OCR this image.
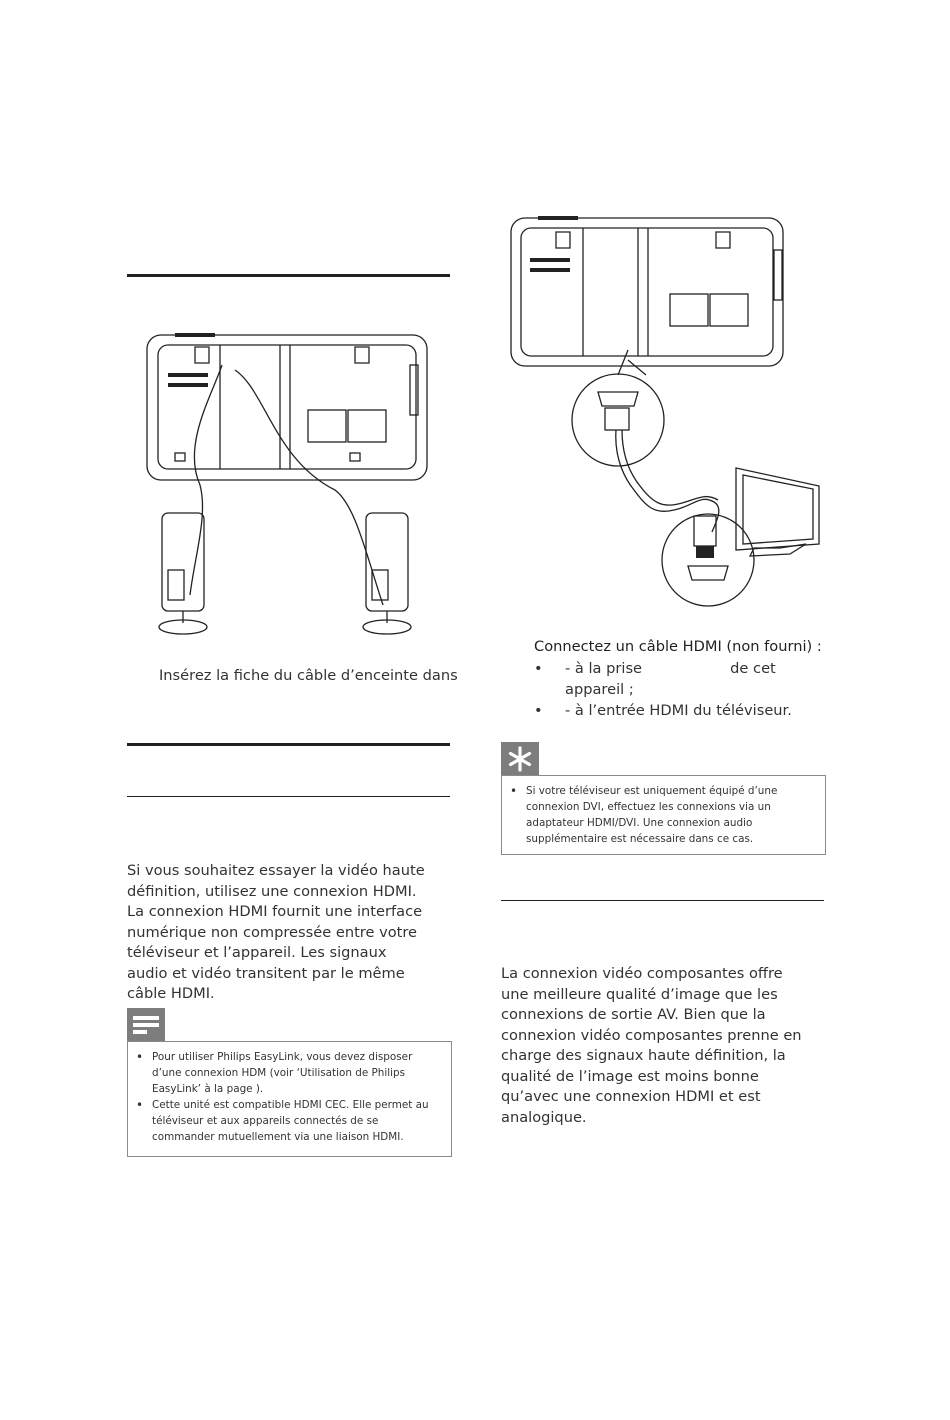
Insérez la fiche du câble d’enceinte dans
Si vous souhaitez essayer la vidéo haute définition, utilisez une connexion HDMI. La connexion HDMI fournit une interface numérique non compressée entre votre téléviseur et l’appareil. Les signaux audio et vidéo transitent par le même câble HDMI.
• Pour utiliser Philips EasyLink, vous devez disposer d’une connexion HDM (voir ‘Utilisation de Philips EasyLink’ à la page ).
• Cette unité est compatible HDMI CEC. Elle permet au téléviseur et aux appareils connectés de se commander mutuellement via une liaison HDMI.
Connectez un câble HDMI (non fourni) :
•	- à la prise                   de cet appareil ;
•	- à l’entrée HDMI du téléviseur.
• Si votre téléviseur est uniquement équipé d’une connexion DVI, effectuez les connexions via un adaptateur HDMI/DVI. Une connexion audio supplémentaire est nécessaire dans ce cas.
La connexion vidéo composantes offre une meilleure qualité d’image que les connexions de sortie AV. Bien que la connexion vidéo composantes prenne en charge des signaux haute définition, la qualité de l’image est moins bonne qu’avec une connexion HDMI et est analogique.
